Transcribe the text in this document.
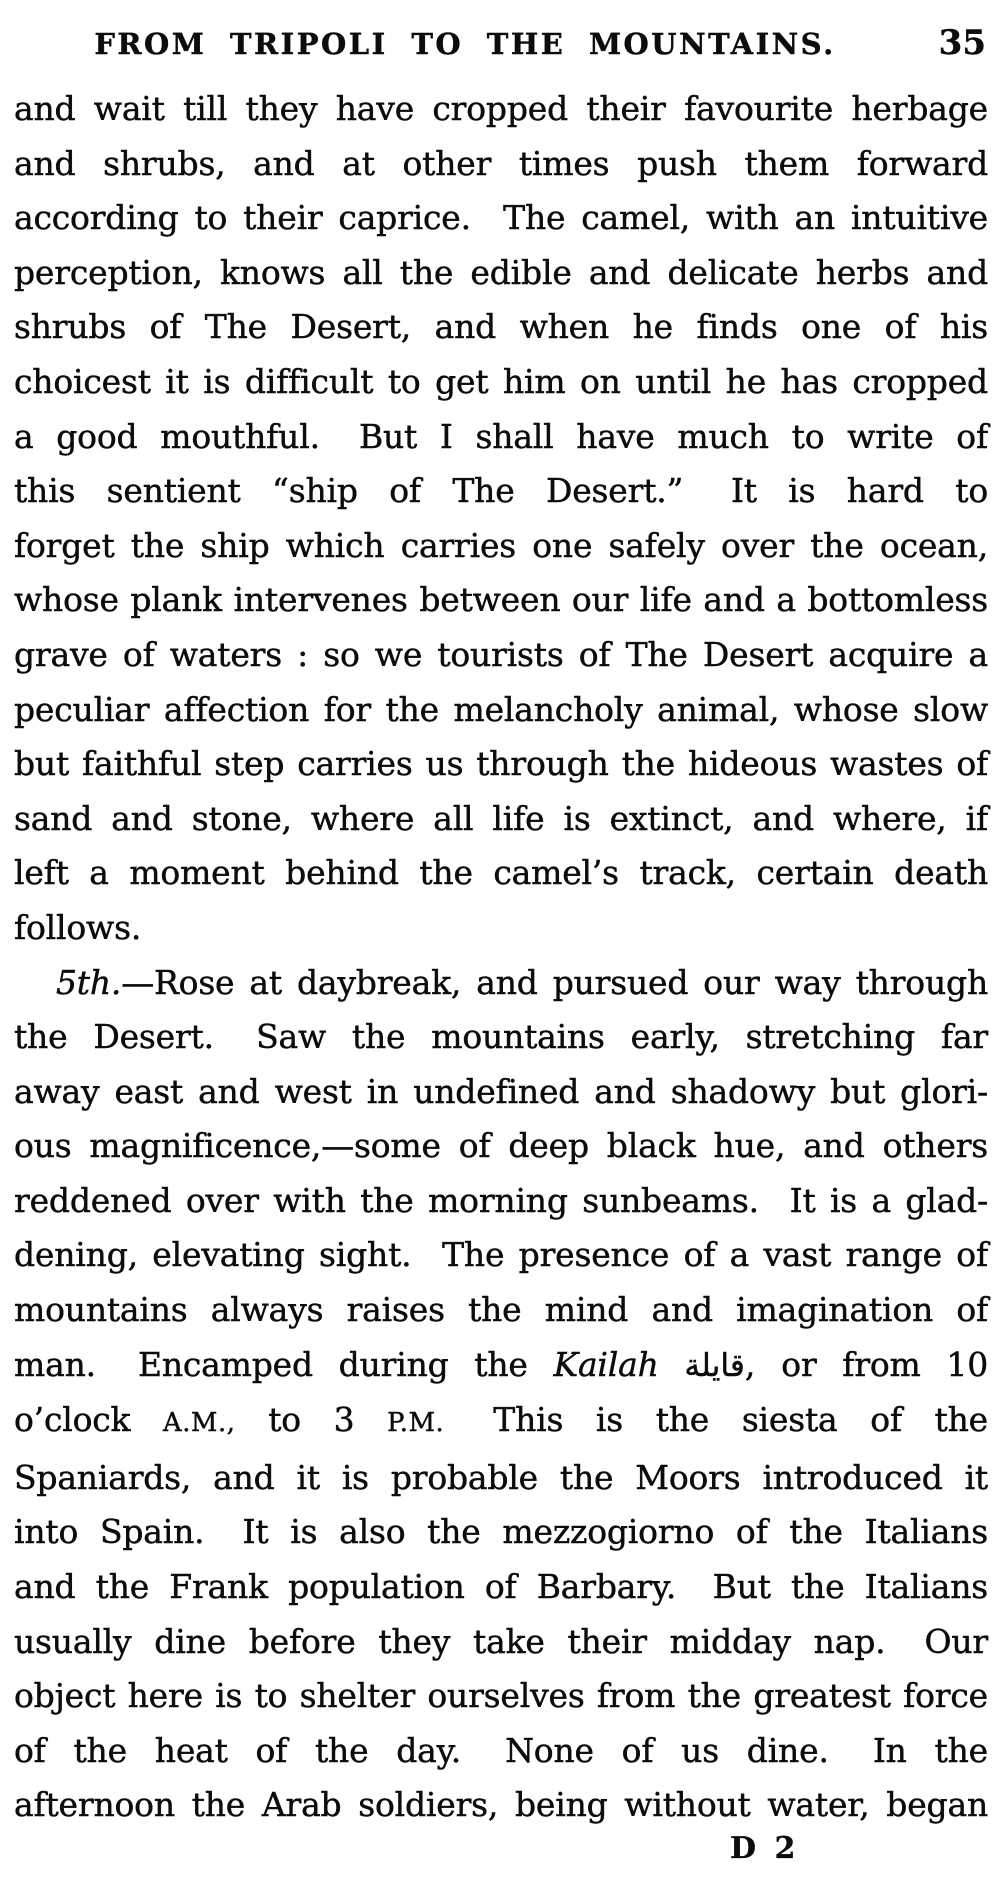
FROM TRIPOLI TO THE MOUNTAINS.	35

and wait till they have cropped their favourite herbage
and shrubs, and at other times push them forward
according to their caprice.  The camel, with an intuitive
perception, knows all the edible and delicate herbs and
shrubs of The Desert, and when he finds one of his
choicest it is difficult to get him on until he has cropped
a good mouthful.  But I shall have much to write of
this sentient “ship of The Desert.”  It is hard to
forget the ship which carries one safely over the ocean,
whose plank intervenes between our life and a bottomless
grave of waters : so we tourists of The Desert acquire a
peculiar affection for the melancholy animal, whose slow
but faithful step carries us through the hideous wastes of
sand and stone, where all life is extinct, and where, if
left a moment behind the camel’s track, certain death
follows.

5th.—Rose at daybreak, and pursued our way through
the Desert.  Saw the mountains early, stretching far
away east and west in undefined and shadowy but glori-
ous magnificence,—some of deep black hue, and others
reddened over with the morning sunbeams.  It is a glad-
dening, elevating sight.  The presence of a vast range of
mountains always raises the mind and imagination of
man.  Encamped during the Kailah قايلة, or from 10
o’clock A.M., to 3 P.M.  This is the siesta of the
Spaniards, and it is probable the Moors introduced it
into Spain.  It is also the mezzogiorno of the Italians
and the Frank population of Barbary.  But the Italians
usually dine before they take their midday nap.  Our
object here is to shelter ourselves from the greatest force
of the heat of the day.  None of us dine.  In the
afternoon the Arab soldiers, being without water, began

D 2
